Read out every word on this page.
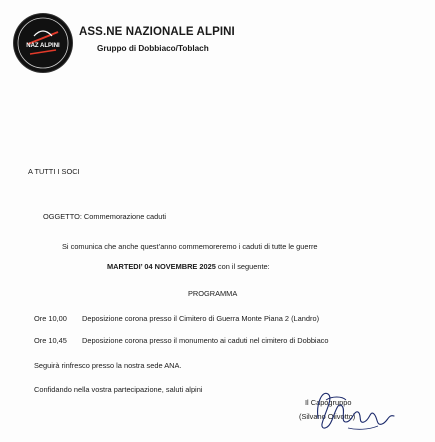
NAZ ALPINI
ASS.NE NAZIONALE ALPINI
Gruppo di Dobbiaco/Toblach
A TUTTI I SOCI
OGGETTO: Commemorazione caduti
Si comunica che anche quest’anno commemoreremo i caduti di tutte le guerre
MARTEDI’ 04 NOVEMBRE 2025 con il seguente:
PROGRAMMA
Ore 10,00 Deposizione corona presso il Cimitero di Guerra Monte Piana 2 (Landro)
Ore 10,45 Deposizione corona presso il monumento ai caduti nel cimitero di Dobbiaco
Seguirà rinfresco presso la nostra sede ANA.
Confidando nella vostra partecipazione, saluti alpini
Il Capogruppo
(Silvano Olivotto)
